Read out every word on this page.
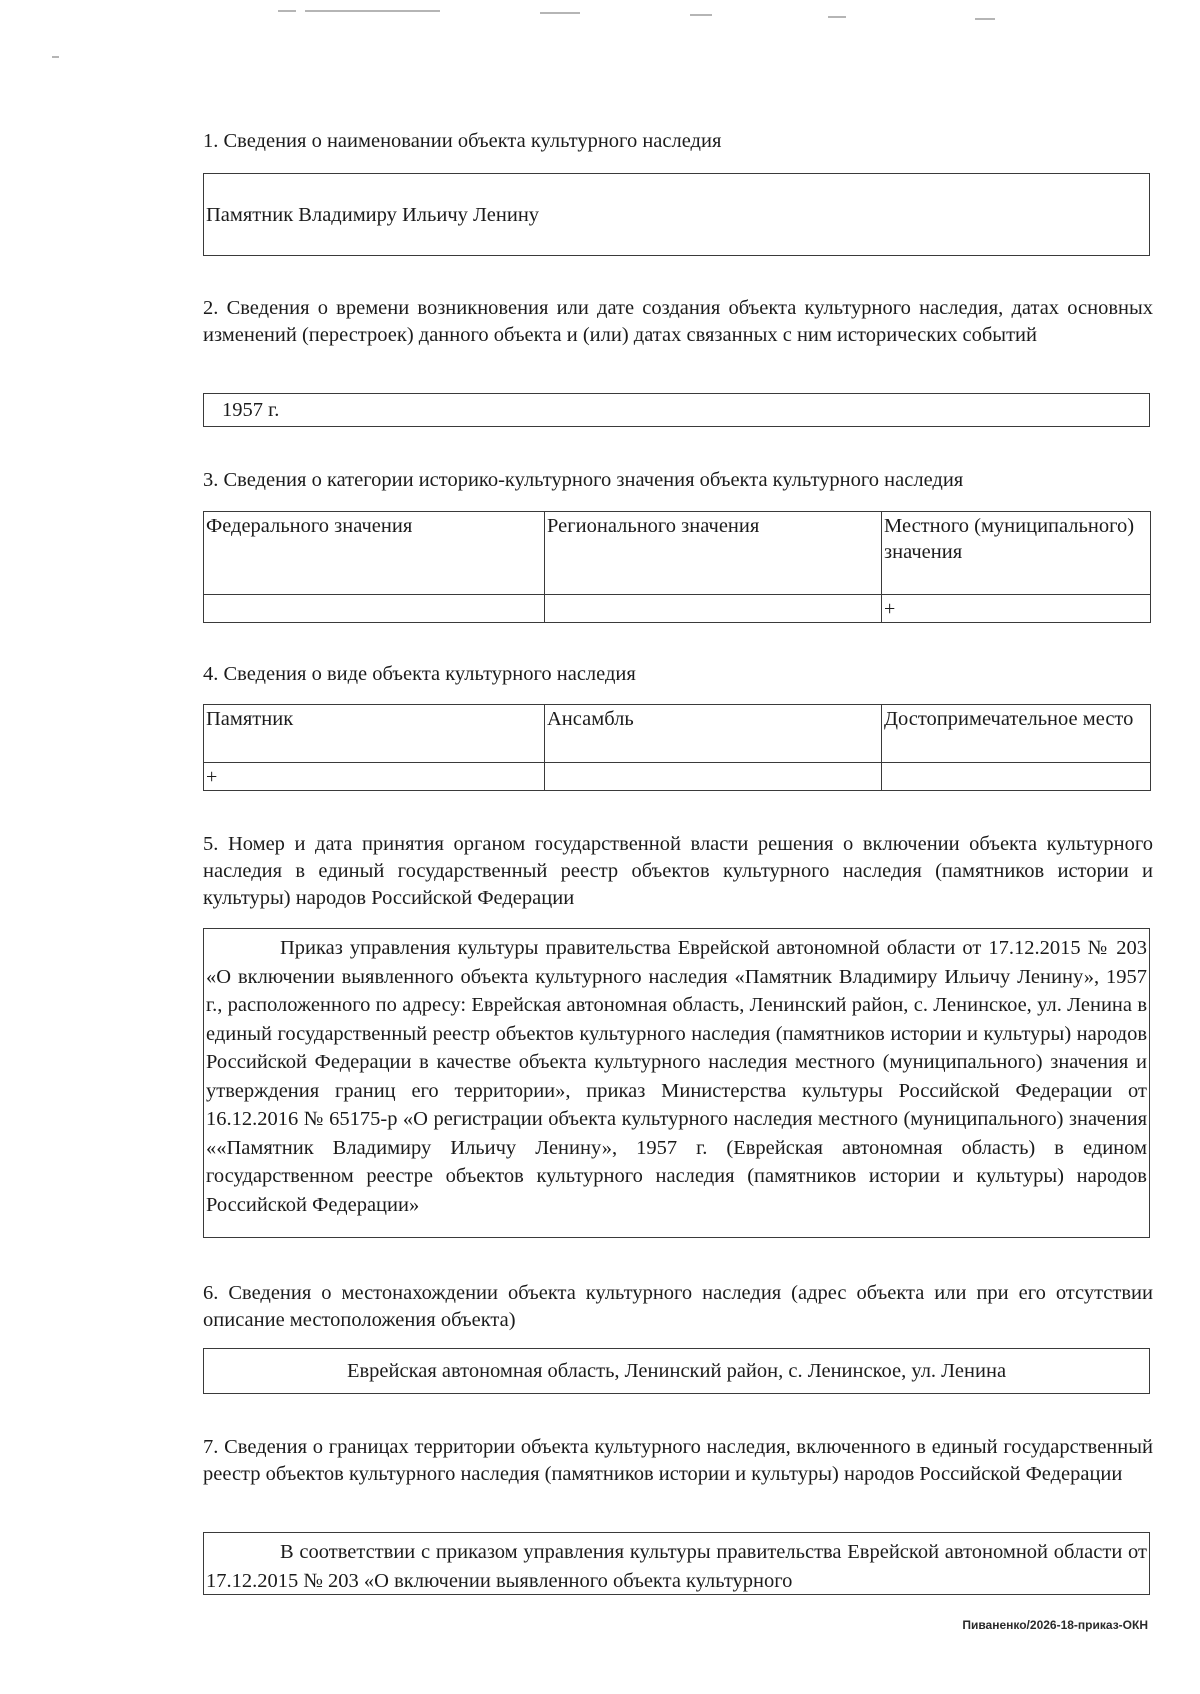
1. Сведения о наименовании объекта культурного наследия
Памятник Владимиру Ильичу Ленину
2. Сведения о времени возникновения или дате создания объекта культурного наследия, датах основных изменений (перестроек) данного объекта и (или) датах связанных с ним исторических событий
1957 г.
3. Сведения о категории историко-культурного значения объекта культурного наследия
Федерального значения	Регионального значения	Местного (муниципального) значения
		+
4. Сведения о виде объекта культурного наследия
Памятник	Ансамбль	Достопримечательное место
+		
5. Номер и дата принятия органом государственной власти решения о включении объекта культурного наследия в единый государственный реестр объектов культурного наследия (памятников истории и культуры) народов Российской Федерации
Приказ управления культуры правительства Еврейской автономной области от 17.12.2015 № 203 «О включении выявленного объекта культурного наследия «Памятник Владимиру Ильичу Ленину», 1957 г., расположенного по адресу: Еврейская автономная область, Ленинский район, с. Ленинское, ул. Ленина в единый государственный реестр объектов культурного наследия (памятников истории и культуры) народов Российской Федерации в качестве объекта культурного наследия местного (муниципального) значения и утверждения границ его территории», приказ Министерства культуры Российской Федерации от 16.12.2016 № 65175-р «О регистрации объекта культурного наследия местного (муниципального) значения ««Памятник Владимиру Ильичу Ленину», 1957 г. (Еврейская автономная область) в едином государственном реестре объектов культурного наследия (памятников истории и культуры) народов Российской Федерации»
6. Сведения о местонахождении объекта культурного наследия (адрес объекта или при его отсутствии описание местоположения объекта)
Еврейская автономная область, Ленинский район, с. Ленинское, ул. Ленина
7. Сведения о границах территории объекта культурного наследия, включенного в единый государственный реестр объектов культурного наследия (памятников истории и культуры) народов Российской Федерации
В соответствии с приказом управления культуры правительства Еврейской автономной области от 17.12.2015 № 203 «О включении выявленного объекта культурного
Пиваненко/2026-18-приказ-ОКН
